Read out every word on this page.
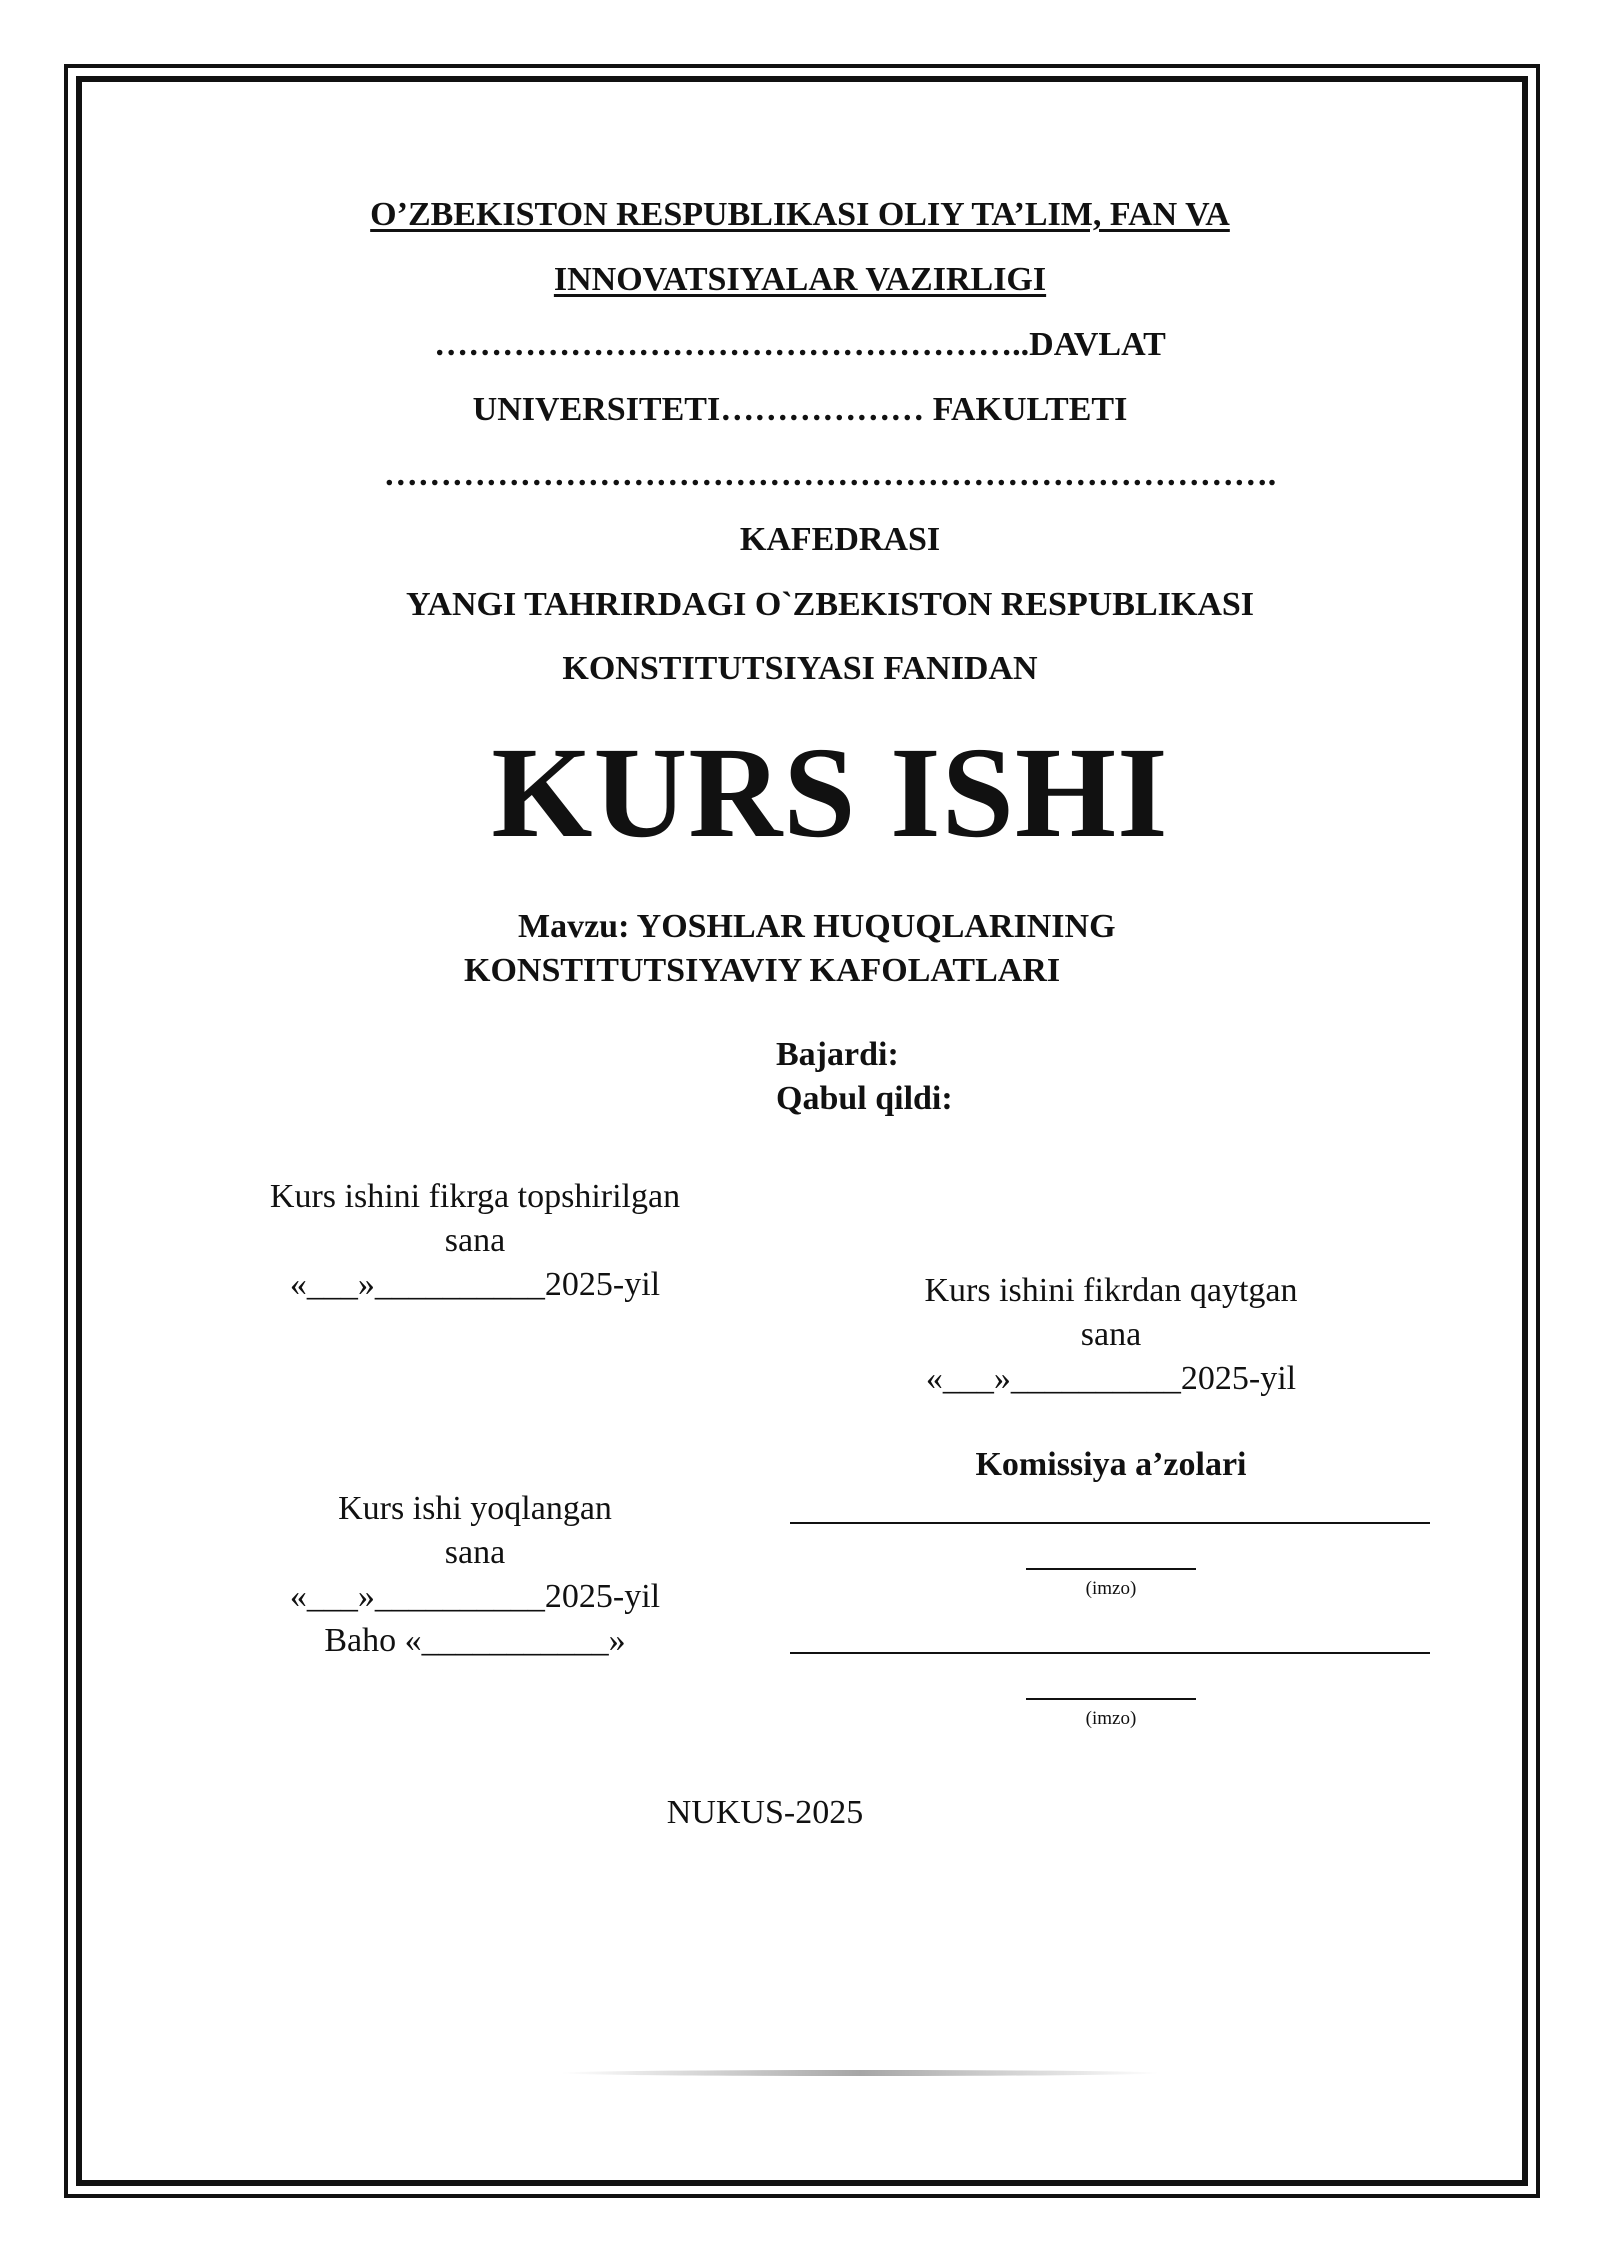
O’ZBEKISTON RESPUBLIKASI OLIY TA’LIM, FAN VA
INNOVATSIYALAR VAZIRLIGI
……………………………………………..DAVLAT
UNIVERSITETI……………… FAKULTETI
…………………………………………………………………….
KAFEDRASI
YANGI TAHRIRDAGI O`ZBEKISTON RESPUBLIKASI
KONSTITUTSIYASI FANIDAN
KURS ISHI
Mavzu: YOSHLAR HUQUQLARINING
KONSTITUTSIYAVIY KAFOLATLARI
Bajardi:
Qabul qildi:
Kurs ishini fikrga topshirilgan
sana
«___»__________2025-yil	Kurs ishini fikrdan qaytgan
sana
«___»__________2025-yil
Komissiya a’zolari
(imzo)
(imzo)
Kurs ishi yoqlangan
sana
«___»__________2025-yil
Baho «___________»
NUKUS-2025
